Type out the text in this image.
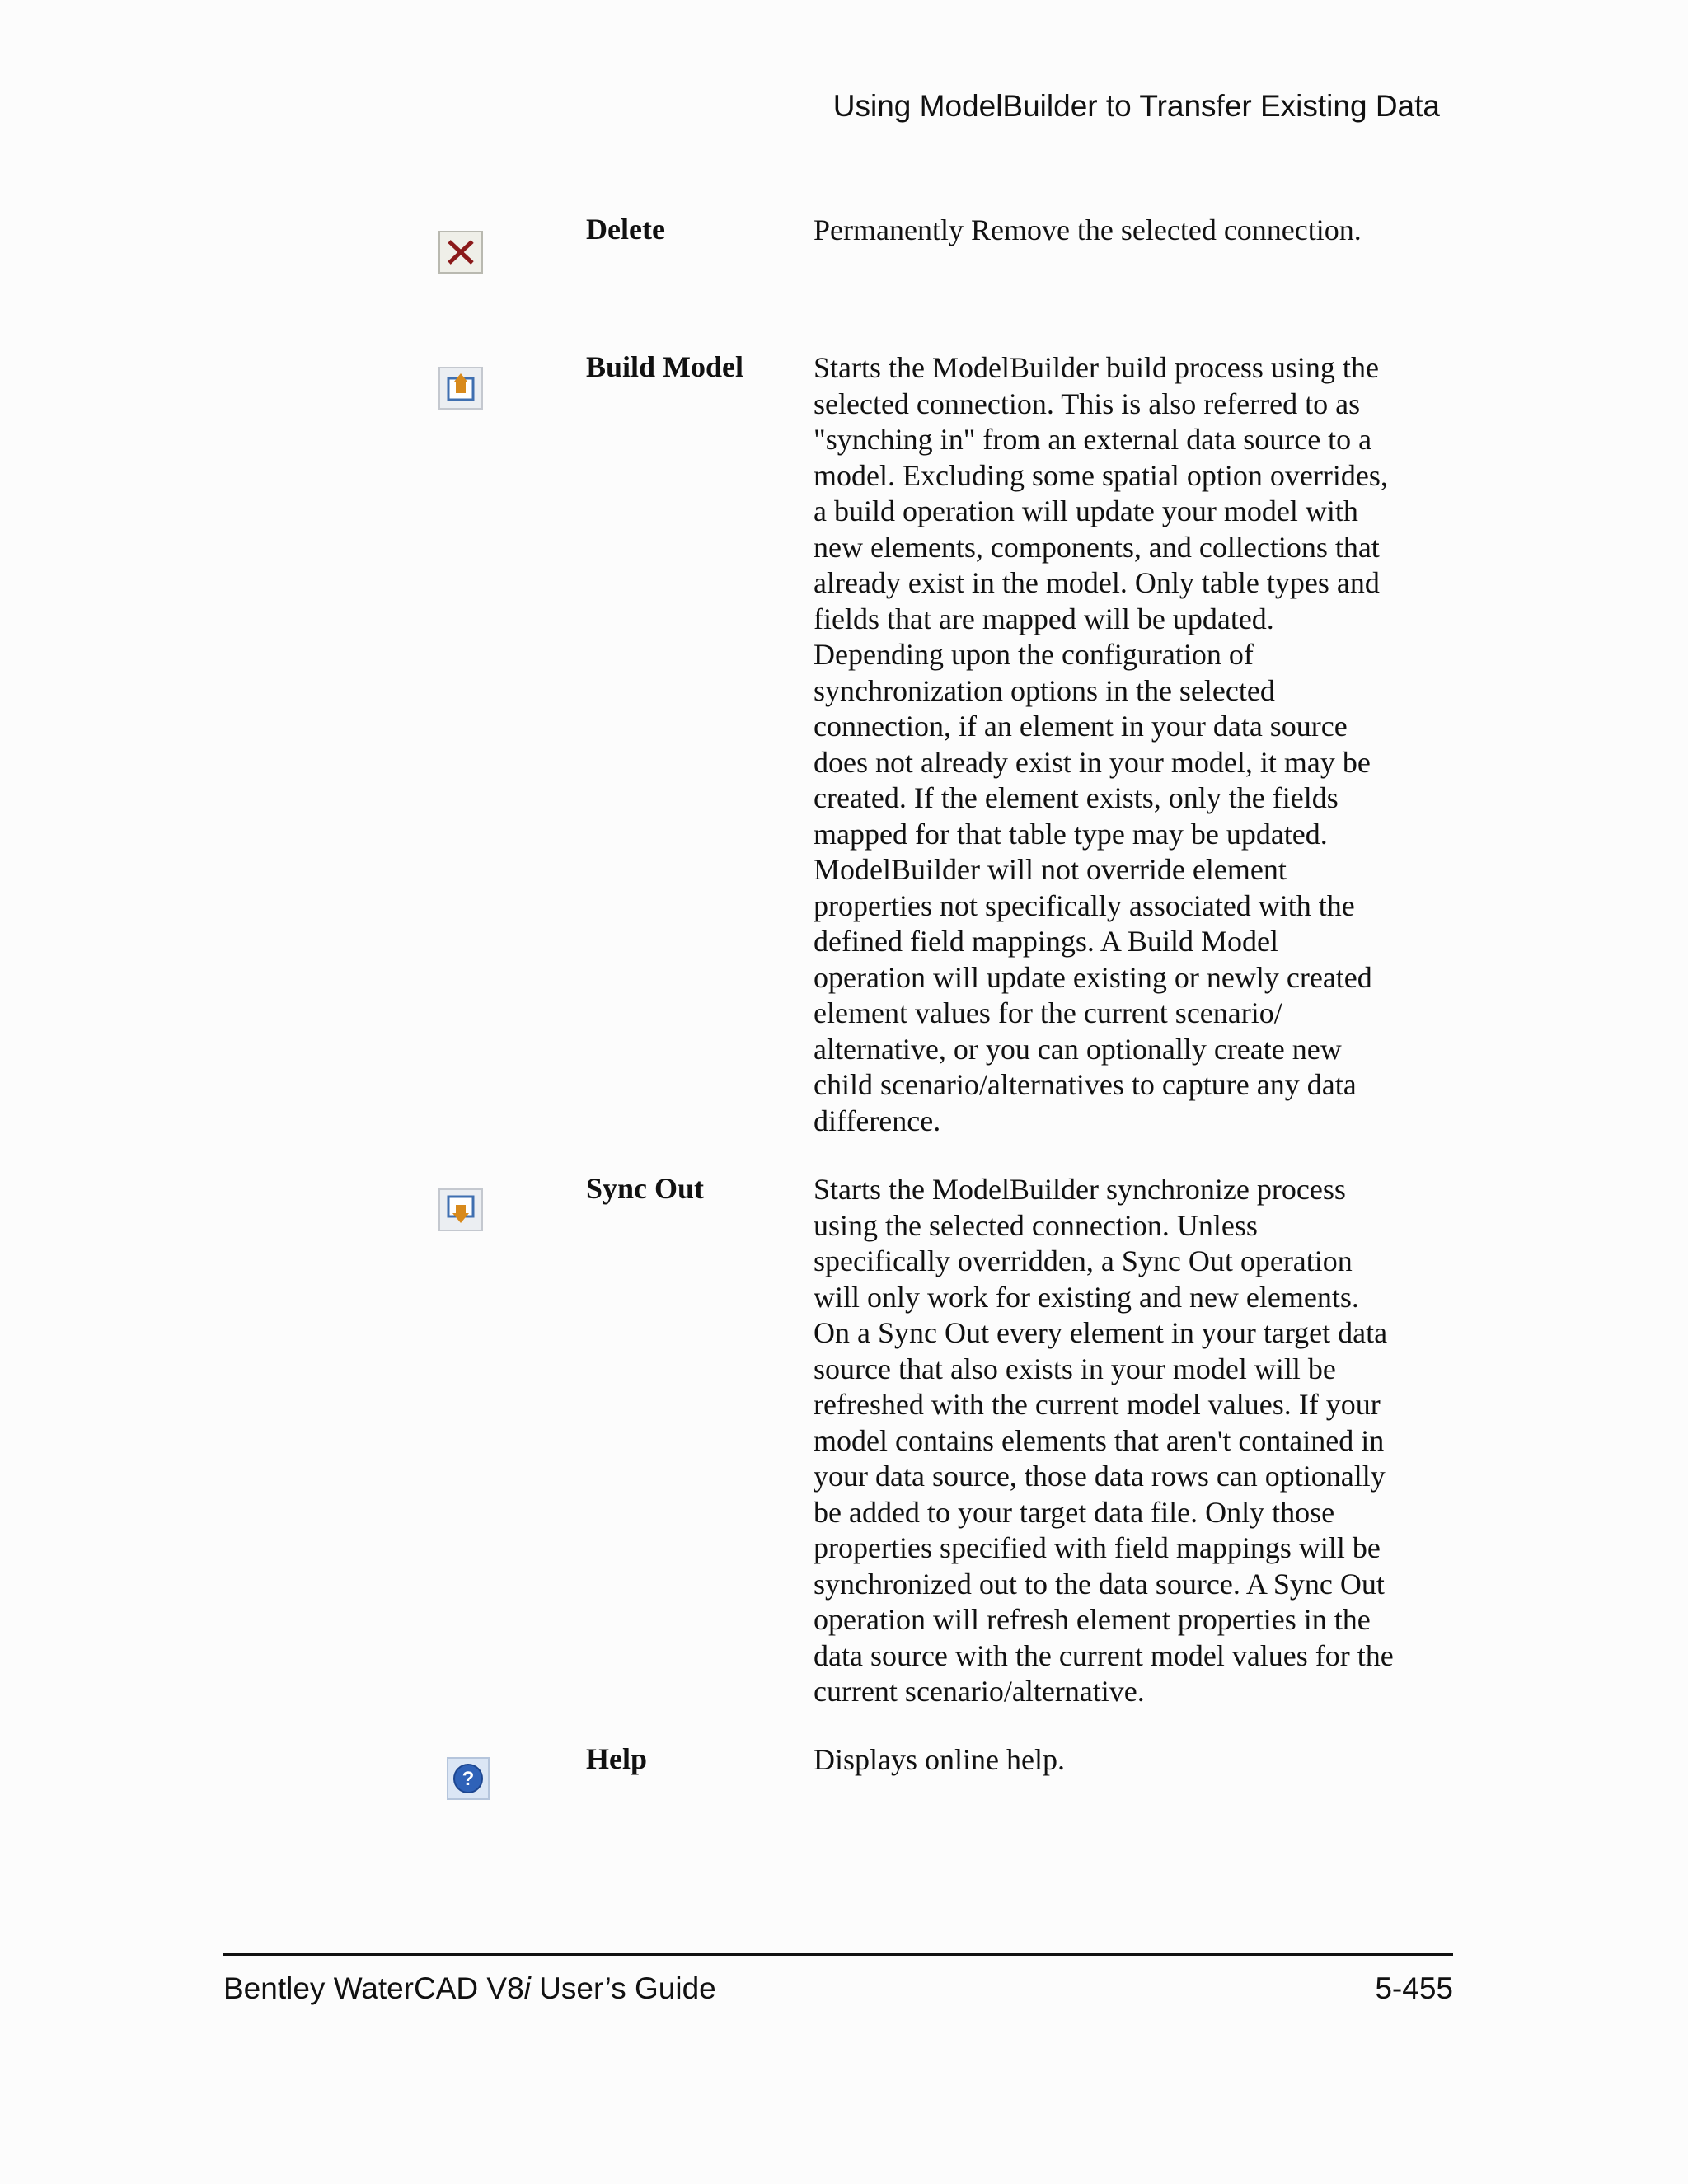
Using ModelBuilder to Transfer Existing Data
Delete	Permanently Remove the selected connection.
Build Model Starts the ModelBuilder build process using the
selected connection. This is also referred to as
"synching in" from an external data source to a
model. Excluding some spatial option overrides,
a build operation will update your model with
new elements, components, and collections that
already exist in the model. Only table types and
fields that are mapped will be updated.
Depending upon the configuration of
synchronization options in the selected
connection, if an element in your data source
does not already exist in your model, it may be
created. If the element exists, only the fields
mapped for that table type may be updated.
ModelBuilder will not override element
properties not specifically associated with the
defined field mappings. A Build Model
operation will update existing or newly created
element values for the current scenario/
alternative, or you can optionally create new
child scenario/alternatives to capture any data
difference.
Sync Out	Starts the ModelBuilder synchronize process
using the selected connection. Unless
specifically overridden, a Sync Out operation
will only work for existing and new elements.
On a Sync Out every element in your target data
source that also exists in your model will be
refreshed with the current model values. If your
model contains elements that aren't contained in
your data source, those data rows can optionally
be added to your target data file. Only those
properties specified with field mappings will be
synchronized out to the data source. A Sync Out
operation will refresh element properties in the
data source with the current model values for the
current scenario/alternative.
?
Help	Displays online help.
Bentley WaterCAD V8i User’s Guide	5-455
